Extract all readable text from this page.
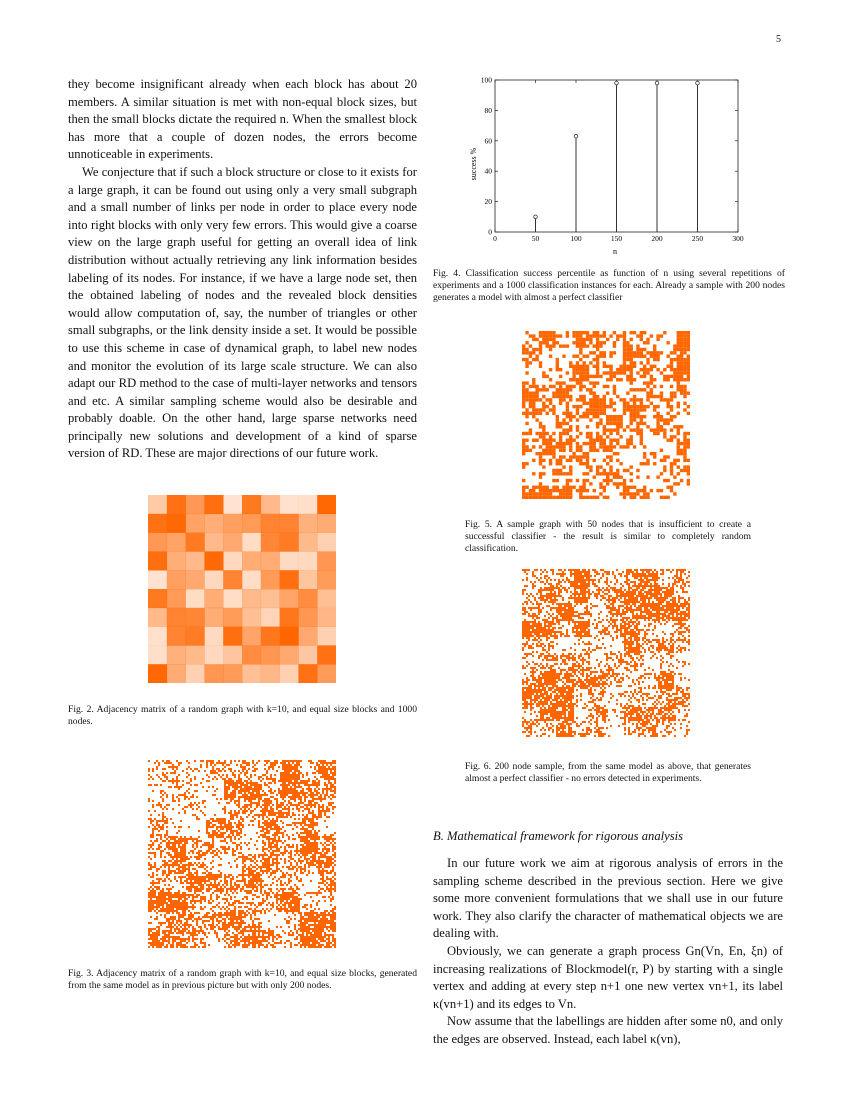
5

they become insignificant already when each block has about 20 members. A similar situation is met with non-equal block sizes, but then the small blocks dictate the required n. When the smallest block has more that a couple of dozen nodes, the errors become unnoticeable in experiments.

We conjecture that if such a block structure or close to it exists for a large graph, it can be found out using only a very small subgraph and a small number of links per node in order to place every node into right blocks with only very few errors. This would give a coarse view on the large graph useful for getting an overall idea of link distribution without actually retrieving any link information besides labeling of its nodes. For instance, if we have a large node set, then the obtained labeling of nodes and the revealed block densities would allow computation of, say, the number of triangles or other small subgraphs, or the link density inside a set. It would be possible to use this scheme in case of dynamical graph, to label new nodes and monitor the evolution of its large scale structure. We can also adapt our RD method to the case of multi-layer networks and tensors and etc. A similar sampling scheme would also be desirable and probably doable. On the other hand, large sparse networks need principally new solutions and development of a kind of sparse version of RD. These are major directions of our future work.

Fig. 2. Adjacency matrix of a random graph with k=10, and equal size blocks and 1000 nodes.
Fig. 3. Adjacency matrix of a random graph with k=10, and equal size blocks, generated from the same model as in previous picture but with only 200 nodes.
0	50	100	150	200	250	300
0
20
40
60
80
100
n
success %
Fig. 4. Classification success percentile as function of n using several repetitions of experiments and a 1000 classification instances for each. Already a sample with 200 nodes generates a model with almost a perfect classifier
Fig. 5. A sample graph with 50 nodes that is insufficient to create a successful classifier - the result is similar to completely random classification.
Fig. 6. 200 node sample, from the same model as above, that generates almost a perfect classifier - no errors detected in experiments.
B. Mathematical framework for rigorous analysis

In our future work we aim at rigorous analysis of errors in the sampling scheme described in the previous section. Here we give some more convenient formulations that we shall use in our future work. They also clarify the character of mathematical objects we are dealing with.

Obviously, we can generate a graph process Gn(Vn, En, ξn) of increasing realizations of Blockmodel(r, P) by starting with a single vertex and adding at every step n+1 one new vertex vn+1, its label κ(vn+1) and its edges to Vn.

Now assume that the labellings are hidden after some n0, and only the edges are observed. Instead, each label κ(vn),
